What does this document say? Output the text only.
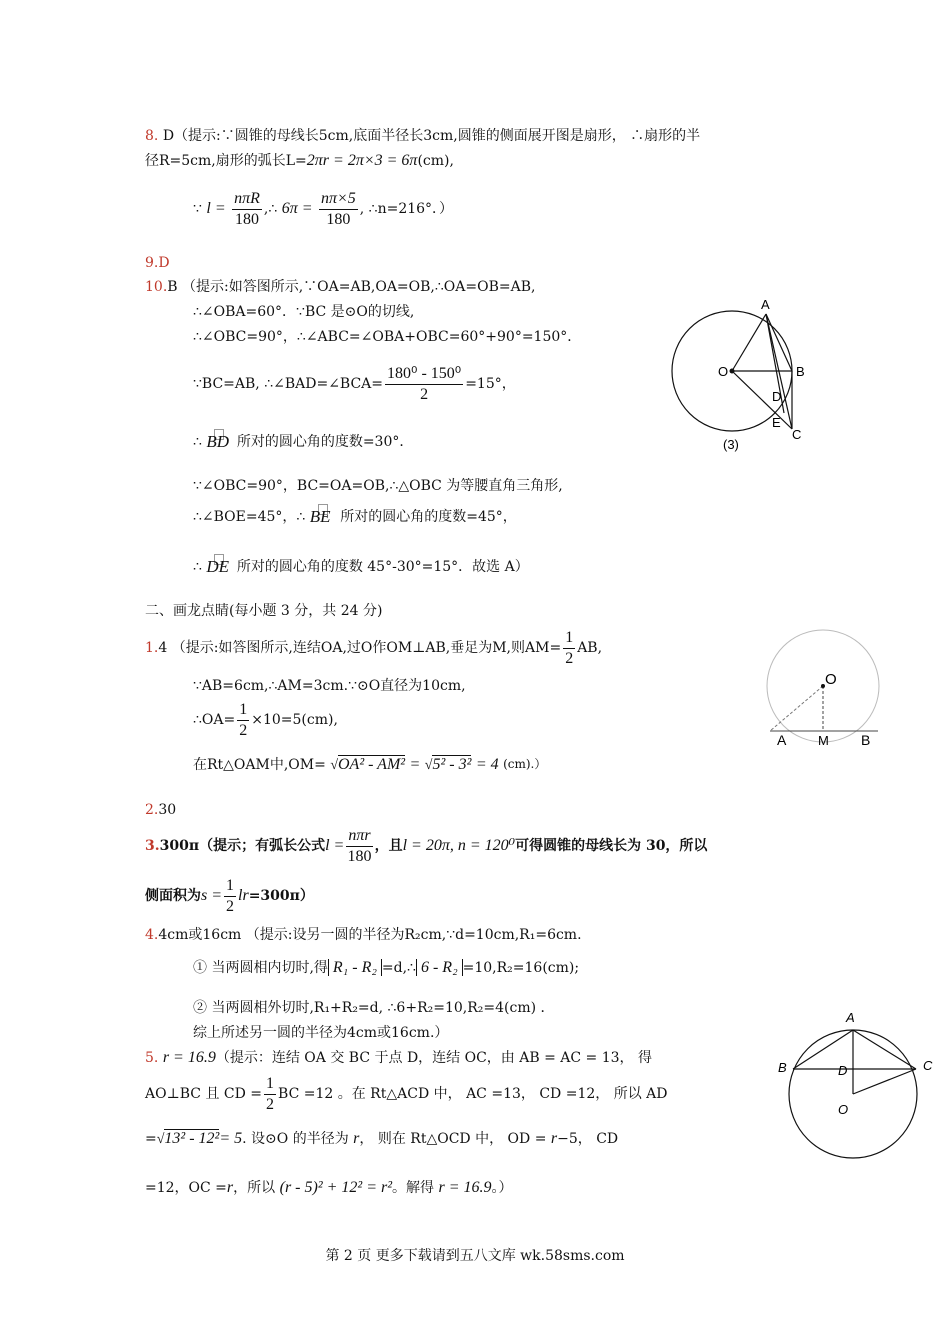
8. D（提示:∵圆锥的母线长5cm,底面半径长3cm,圆锥的侧面展开图是扇形， ∴扇形的半
径R=5cm,扇形的弧长L=2πr = 2π×3 = 6π(cm),
∵ $l = \frac{\text{nπR}}{180}$ ,∴ $6\pi = \frac{n\pi\times 5}{180}$ , ∴n=216°．）
9.D
10.B （提示:如答图所示,∵OA=AB,OA=OB,∴OA=OB=AB,
∴∠OBA=60°．∵BC 是⊙O的切线,
∴∠OBC=90°，∴∠ABC=∠OBA+OBC=60°+90°=150°．
∵BC=AB, ∴∠BAD=∠BCA= $\frac{\text{180⁰ - 150⁰}}{2} =15^\circ$，
∴ BD 所对的圆心角的度数=30°．
∵∠OBC=90°，BC=OA=OB,∴△OBC 为等腰直角三角形,
∴∠BOE=45°，∴ BE 所对的圆心角的度数=45°，
∴ DE 所对的圆心角的度数 45°-30°=15°．故选 A）
A
O	B
D
E
C
(3)
二、画龙点睛(每小题 3 分，共 24 分)
1.4 （提示:如答图所示,连结OA,过O作OM⊥AB,垂足为M,则$AM= \frac{1}{2}$ AB,
∵AB=6cm,∴AM=3cm.∵⊙O直径为10cm,
∴OA= $\frac{1}{2} \times 10=5(cm)$,
在Rt△OAM中,OM= √OA² - AM² = √5² - 3² = 4 (cm).）
O
A M B
2.30
3.300π（提示；有弧长公式$l = \frac{\text{nπr}}{180}$ ，且l = 20π, n = 120⁰可得圆锥的母线长为 30，所以
侧面积为$s = \frac{1}{2} lr=300\pi$）
4.4cm或16cm （提示:设另一圆的半径为R₂cm,∵d=10cm,R₁=6cm.
① 当两圆相内切时,得 R₁ - R₂ =d,∴ 6 - R₂ =10,R₂=16(cm);
② 当两圆相外切时,R₁+R₂=d, ∴6+R₂=10,R₂=4(cm) ．
综上所述另一圆的半径为4cm或16cm.）
5. r = 16.9（提示：连结 OA 交 BC 于点 D，连结 OC，由 AB = AC = 13， 得
AO⊥BC 且 CD = $\frac{1}{2}$ BC =12 。在 Rt△ACD 中， AC =13， CD =12， 所以 AD
=√13² - 12²= 5. 设⊙O 的半径为 r， 则在 Rt△OCD 中， OD = r−5， CD
=12，OC =r，所以 (r - 5)² + 12² = r²。解得 r = 16.9。）
A
B	C
D
O
第 2 页 更多下载请到五八文库 wk.58sms.com
